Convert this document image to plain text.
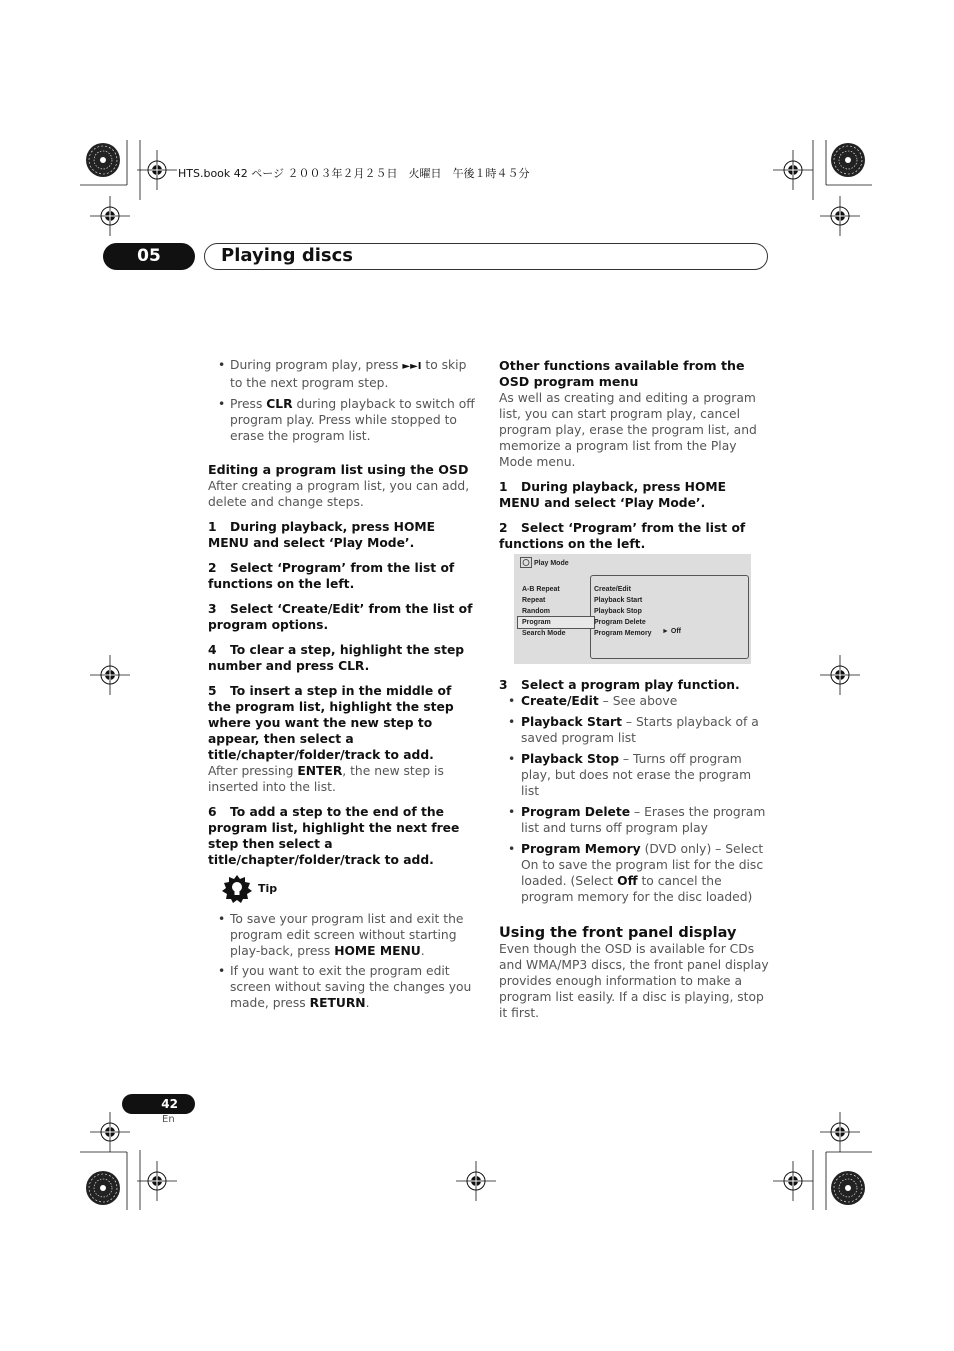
HTS.book 42 ページ ２００３年２月２５日　火曜日　午後１時４５分
05	Playing discs
• During program play, press ►►I to skip to the next program step.
• Press CLR during playback to switch off program play. Press while stopped to erase the program list.

Editing a program list using the OSD

After creating a program list, you can add, delete and change steps.

1 During playback, press HOME MENU and select ‘Play Mode’.

2 Select ‘Program’ from the list of functions on the left.

3 Select ‘Create/Edit’ from the list of program options.

4 To clear a step, highlight the step number and press CLR.

5 To insert a step in the middle of the program list, highlight the step where you want the new step to appear, then select a title/chapter/folder/track to add.

After pressing ENTER, the new step is inserted into the list.

6 To add a step to the end of the program list, highlight the next free step then select a title/chapter/folder/track to add.

Tip
• To save your program list and exit the program edit screen without starting play-back, press HOME MENU.
• If you want to exit the program edit screen without saving the changes you made, press RETURN.

Other functions available from the OSD program menu

As well as creating and editing a program list, you can start program play, cancel program play, erase the program list, and memorize a program list from the Play Mode menu.

1 During playback, press HOME MENU and select ‘Play Mode’.

2 Select ‘Program’ from the list of functions on the left.

Play Mode
A-B Repeat
Repeat
Random
Program
Search Mode
Create/Edit
Playback Start
Playback Stop
Program Delete
Program Memory ► Off

3 Select a program play function.

• Create/Edit – See above
• Playback Start – Starts playback of a saved program list
• Playback Stop – Turns off program play, but does not erase the program list
• Program Delete – Erases the program list and turns off program play
• Program Memory (DVD only) – Select On to save the program list for the disc loaded. (Select Off to cancel the program memory for the disc loaded)

Using the front panel display

Even though the OSD is available for CDs and WMA/MP3 discs, the front panel display provides enough information to make a program list easily. If a disc is playing, stop it first.

42
En
